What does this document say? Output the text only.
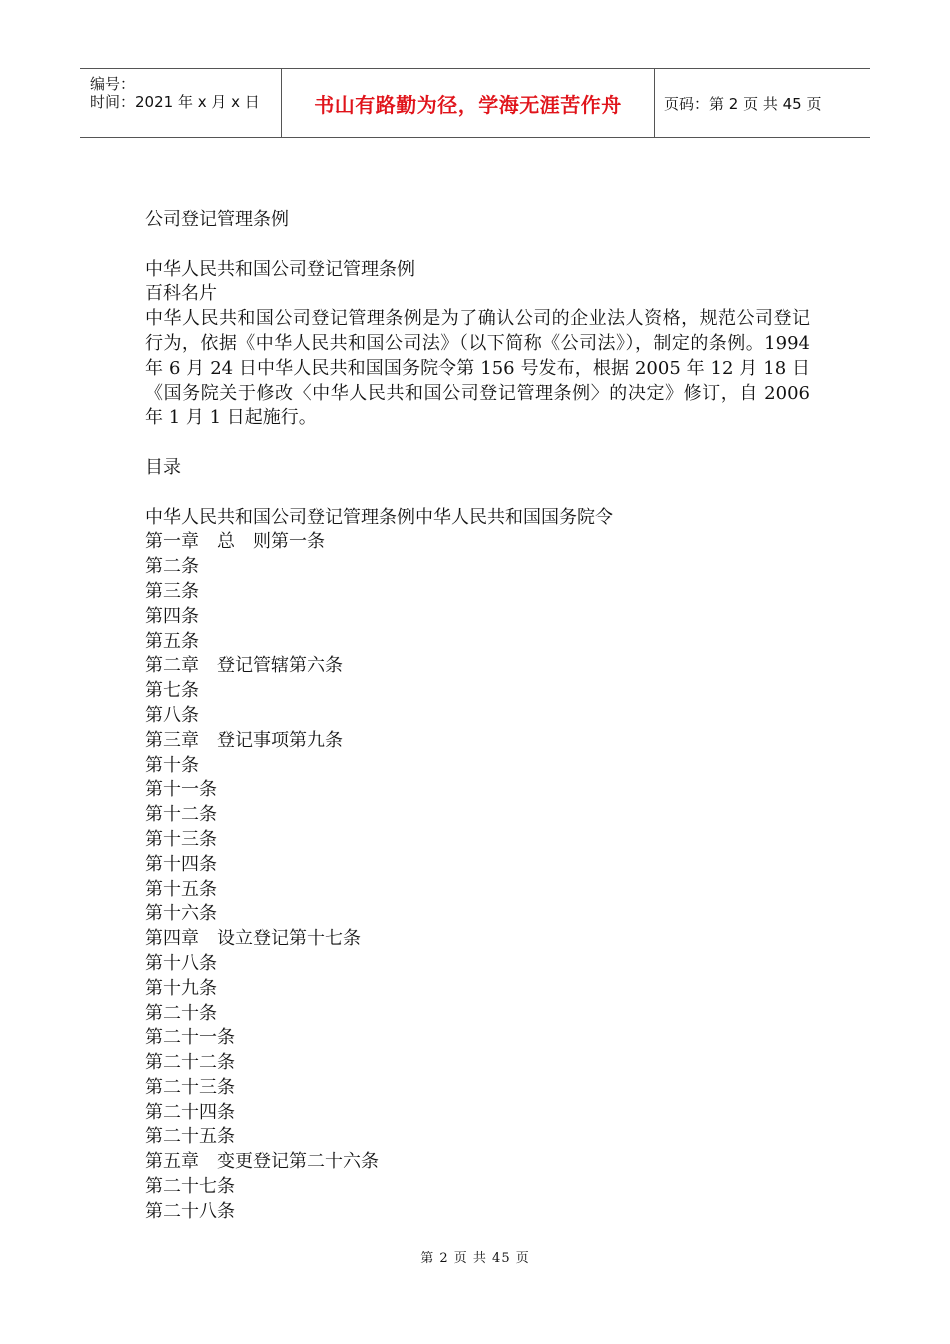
编号：
时间：2021 年 x 月 x 日	书山有路勤为径，学海无涯苦作舟	页码：第 2 页 共 45 页

公司登记管理条例

中华人民共和国公司登记管理条例

百科名片

中华人民共和国公司登记管理条例是为了确认公司的企业法人资格，规范公司登记行为，依据《中华人民共和国公司法》（以下简称《公司法》），制定的条例。1994 年 6 月 24 日中华人民共和国国务院令第 156 号发布，根据 2005 年 12 月 18 日《国务院关于修改〈中华人民共和国公司登记管理条例〉的决定》修订，自 2006 年 1 月 1 日起施行。

目录

中华人民共和国公司登记管理条例中华人民共和国国务院令

第一章　总　则第一条

第二条

第三条

第四条

第五条

第二章　登记管辖第六条

第七条

第八条

第三章　登记事项第九条

第十条

第十一条

第十二条

第十三条

第十四条

第十五条

第十六条

第四章　设立登记第十七条

第十八条

第十九条

第二十条

第二十一条

第二十二条

第二十三条

第二十四条

第二十五条

第五章　变更登记第二十六条

第二十七条

第二十八条

第 2 页 共 45 页
